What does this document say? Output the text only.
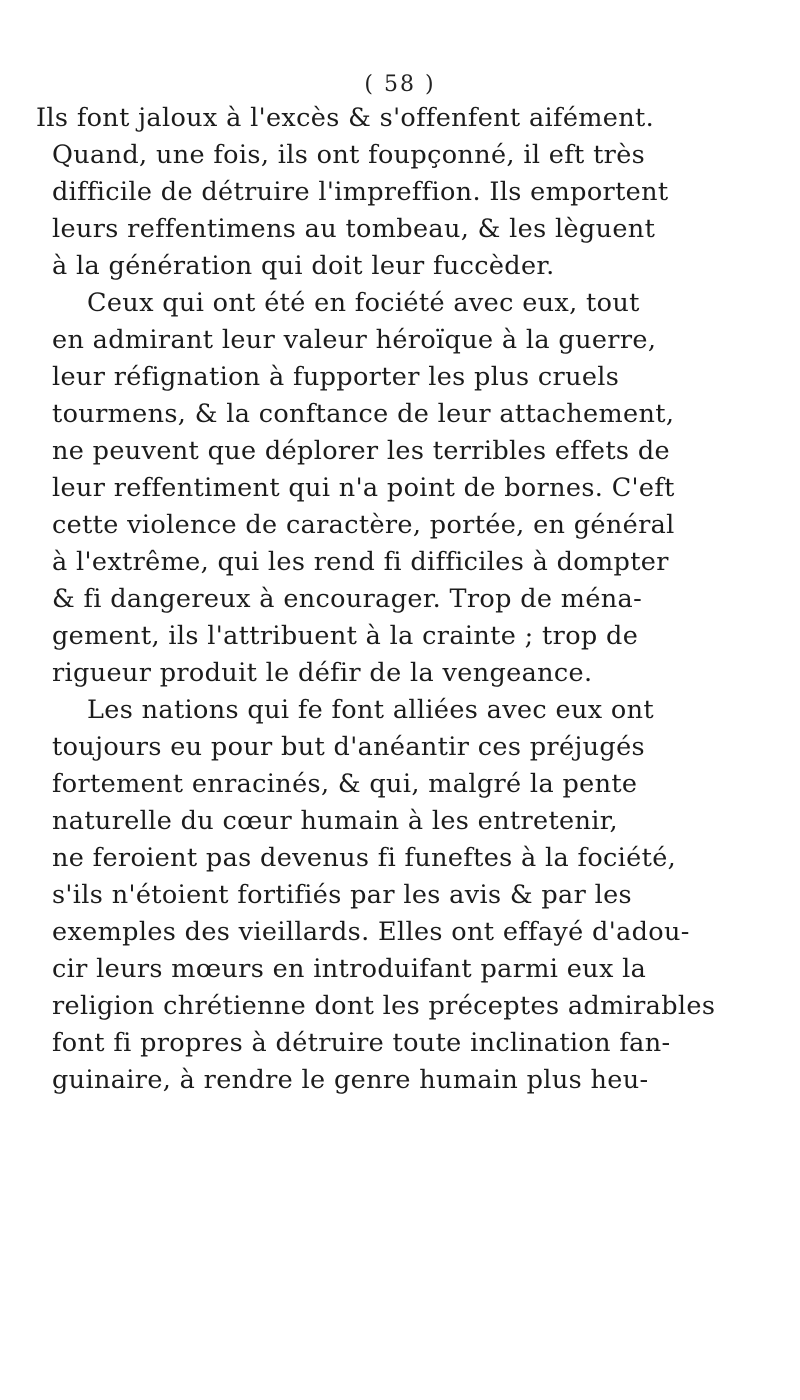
( 58 )
Ils font jaloux à l'excès & s'offenfent aifément.
Quand, une fois, ils ont foupçonné, il eft très
difficile de détruire l'impreffion. Ils emportent
leurs reffentimens au tombeau, & les lèguent
à la génération qui doit leur fuccèder.
Ceux qui ont été en fociété avec eux, tout
en admirant leur valeur héroïque à la guerre,
leur réfignation à fupporter les plus cruels
tourmens, & la conftance de leur attachement,
ne peuvent que déplorer les terribles effets de
leur reffentiment qui n'a point de bornes. C'eft
cette violence de caractère, portée, en général
à l'extrême, qui les rend fi difficiles à dompter
& fi dangereux à encourager. Trop de ména-
gement, ils l'attribuent à la crainte ; trop de
rigueur produit le défir de la vengeance.
Les nations qui fe font alliées avec eux ont
toujours eu pour but d'anéantir ces préjugés
fortement enracinés, & qui, malgré la pente
naturelle du cœur humain à les entretenir,
ne feroient pas devenus fi funeftes à la fociété,
s'ils n'étoient fortifiés par les avis & par les
exemples des vieillards. Elles ont effayé d'adou-
cir leurs mœurs en introduifant parmi eux la
religion chrétienne dont les préceptes admirables
font fi propres à détruire toute inclination fan-
guinaire, à rendre le genre humain plus heu-
